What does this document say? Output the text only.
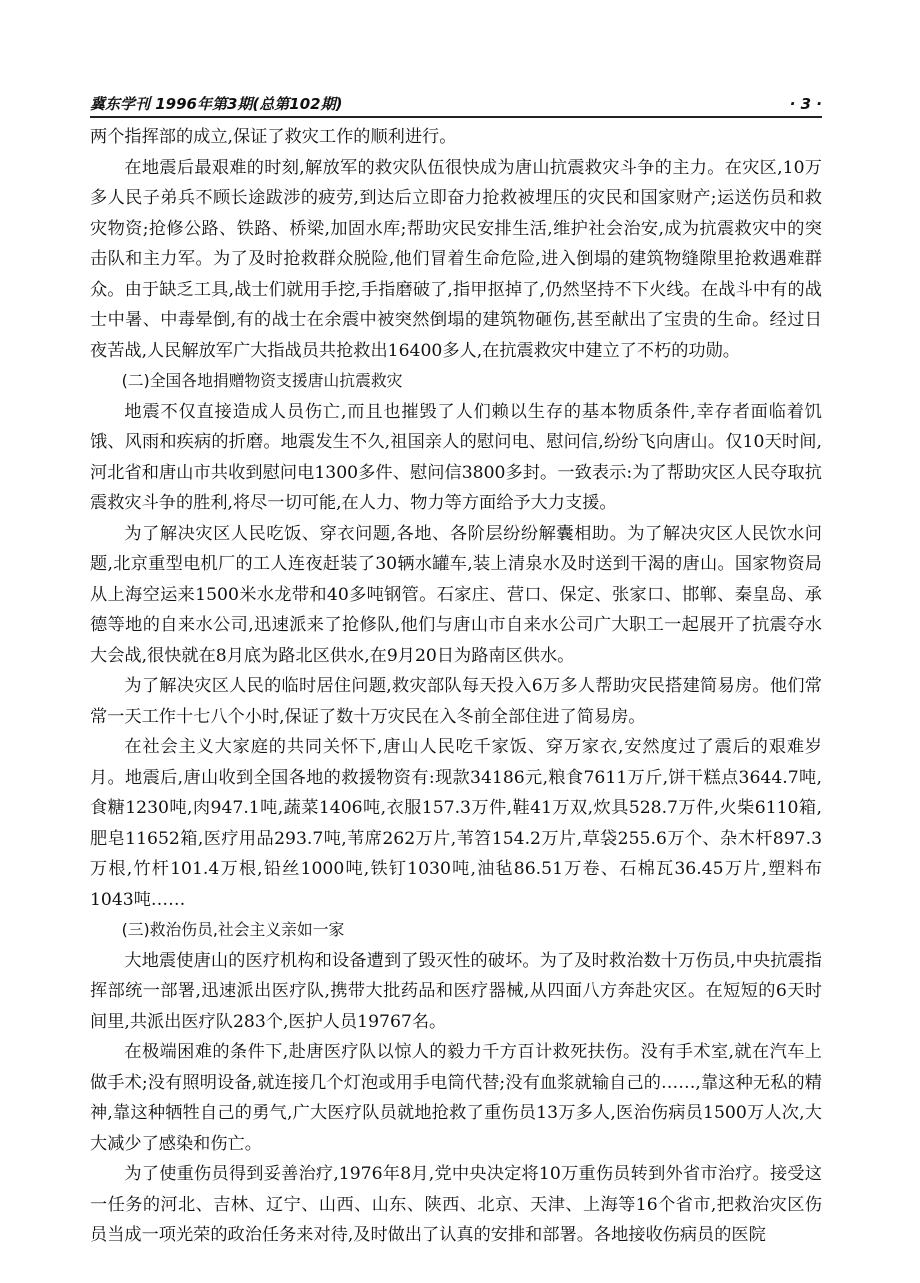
冀东学刊 1996年第3期(总第102期)	· 3 ·

两个指挥部的成立,保证了救灾工作的顺利进行。

在地震后最艰难的时刻,解放军的救灾队伍很快成为唐山抗震救灾斗争的主力。在灾区,10万多人民子弟兵不顾长途跋涉的疲劳,到达后立即奋力抢救被埋压的灾民和国家财产;运送伤员和救灾物资;抢修公路、铁路、桥梁,加固水库;帮助灾民安排生活,维护社会治安,成为抗震救灾中的突击队和主力军。为了及时抢救群众脱险,他们冒着生命危险,进入倒塌的建筑物缝隙里抢救遇难群众。由于缺乏工具,战士们就用手挖,手指磨破了,指甲抠掉了,仍然坚持不下火线。在战斗中有的战士中暑、中毒晕倒,有的战士在余震中被突然倒塌的建筑物砸伤,甚至献出了宝贵的生命。经过日夜苦战,人民解放军广大指战员共抢救出16400多人,在抗震救灾中建立了不朽的功勋。

(二)全国各地捐赠物资支援唐山抗震救灾

地震不仅直接造成人员伤亡,而且也摧毁了人们赖以生存的基本物质条件,幸存者面临着饥饿、风雨和疾病的折磨。地震发生不久,祖国亲人的慰问电、慰问信,纷纷飞向唐山。仅10天时间,河北省和唐山市共收到慰问电1300多件、慰问信3800多封。一致表示:为了帮助灾区人民夺取抗震救灾斗争的胜利,将尽一切可能,在人力、物力等方面给予大力支援。

为了解决灾区人民吃饭、穿衣问题,各地、各阶层纷纷解囊相助。为了解决灾区人民饮水问题,北京重型电机厂的工人连夜赶装了30辆水罐车,装上清泉水及时送到干渴的唐山。国家物资局从上海空运来1500米水龙带和40多吨钢管。石家庄、营口、保定、张家口、邯郸、秦皇岛、承德等地的自来水公司,迅速派来了抢修队,他们与唐山市自来水公司广大职工一起展开了抗震夺水大会战,很快就在8月底为路北区供水,在9月20日为路南区供水。

为了解决灾区人民的临时居住问题,救灾部队每天投入6万多人帮助灾民搭建简易房。他们常常一天工作十七八个小时,保证了数十万灾民在入冬前全部住进了简易房。

在社会主义大家庭的共同关怀下,唐山人民吃千家饭、穿万家衣,安然度过了震后的艰难岁月。地震后,唐山收到全国各地的救援物资有:现款34186元,粮食7611万斤,饼干糕点3644.7吨,食糖1230吨,肉947.1吨,蔬菜1406吨,衣服157.3万件,鞋41万双,炊具528.7万件,火柴6110箱,肥皂11652箱,医疗用品293.7吨,苇席262万片,苇笤154.2万片,草袋255.6万个、杂木杆897.3万根,竹杆101.4万根,铅丝1000吨,铁钉1030吨,油毡86.51万卷、石棉瓦36.45万片,塑料布1043吨……

(三)救治伤员,社会主义亲如一家

大地震使唐山的医疗机构和设备遭到了毁灭性的破坏。为了及时救治数十万伤员,中央抗震指挥部统一部署,迅速派出医疗队,携带大批药品和医疗器械,从四面八方奔赴灾区。在短短的6天时间里,共派出医疗队283个,医护人员19767名。

在极端困难的条件下,赴唐医疗队以惊人的毅力千方百计救死扶伤。没有手术室,就在汽车上做手术;没有照明设备,就连接几个灯泡或用手电筒代替;没有血浆就输自己的……,靠这种无私的精神,靠这种牺牲自己的勇气,广大医疗队员就地抢救了重伤员13万多人,医治伤病员1500万人次,大大减少了感染和伤亡。

为了使重伤员得到妥善治疗,1976年8月,党中央决定将10万重伤员转到外省市治疗。接受这一任务的河北、吉林、辽宁、山西、山东、陕西、北京、天津、上海等16个省市,把救治灾区伤员当成一项光荣的政治任务来对待,及时做出了认真的安排和部署。各地接收伤病员的医院
